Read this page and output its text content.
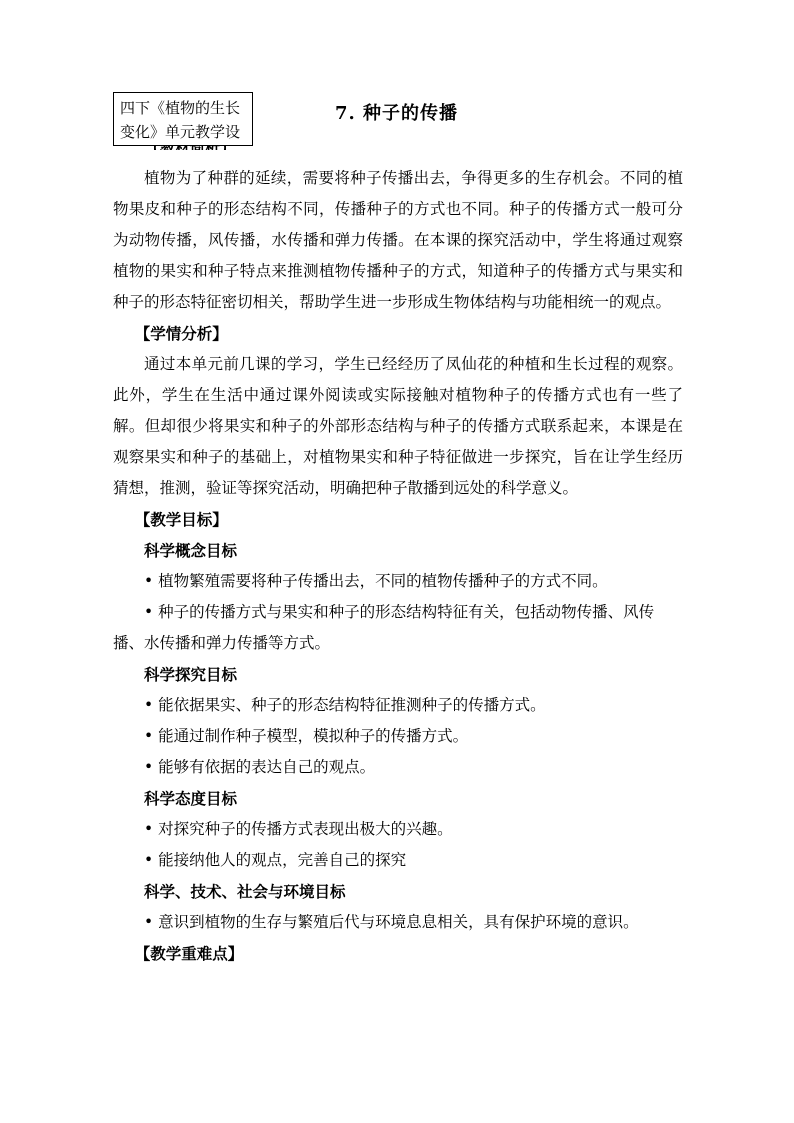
四下《植物的生长
变化》单元教学设
7. 种子的传播

植物为了种群的延续，需要将种子传播出去，争得更多的生存机会。不同的植物果皮和种子的形态结构不同，传播种子的方式也不同。种子的传播方式一般可分为动物传播，风传播，水传播和弹力传播。在本课的探究活动中，学生将通过观察植物的果实和种子特点来推测植物传播种子的方式，知道种子的传播方式与果实和种子的形态特征密切相关，帮助学生进一步形成生物体结构与功能相统一的观点。

【学情分析】

通过本单元前几课的学习，学生已经经历了凤仙花的种植和生长过程的观察。此外，学生在生活中通过课外阅读或实际接触对植物种子的传播方式也有一些了解。但却很少将果实和种子的外部形态结构与种子的传播方式联系起来，本课是在观察果实和种子的基础上，对植物果实和种子特征做进一步探究，旨在让学生经历猜想，推测，验证等探究活动，明确把种子散播到远处的科学意义。

【教学目标】

科学概念目标

• 植物繁殖需要将种子传播出去，不同的植物传播种子的方式不同。

• 种子的传播方式与果实和种子的形态结构特征有关，包括动物传播、风传播、水传播和弹力传播等方式。

科学探究目标

• 能依据果实、种子的形态结构特征推测种子的传播方式。

• 能通过制作种子模型，模拟种子的传播方式。

• 能够有依据的表达自己的观点。

科学态度目标

• 对探究种子的传播方式表现出极大的兴趣。

• 能接纳他人的观点，完善自己的探究

科学、技术、社会与环境目标

• 意识到植物的生存与繁殖后代与环境息息相关，具有保护环境的意识。

【教学重难点】
